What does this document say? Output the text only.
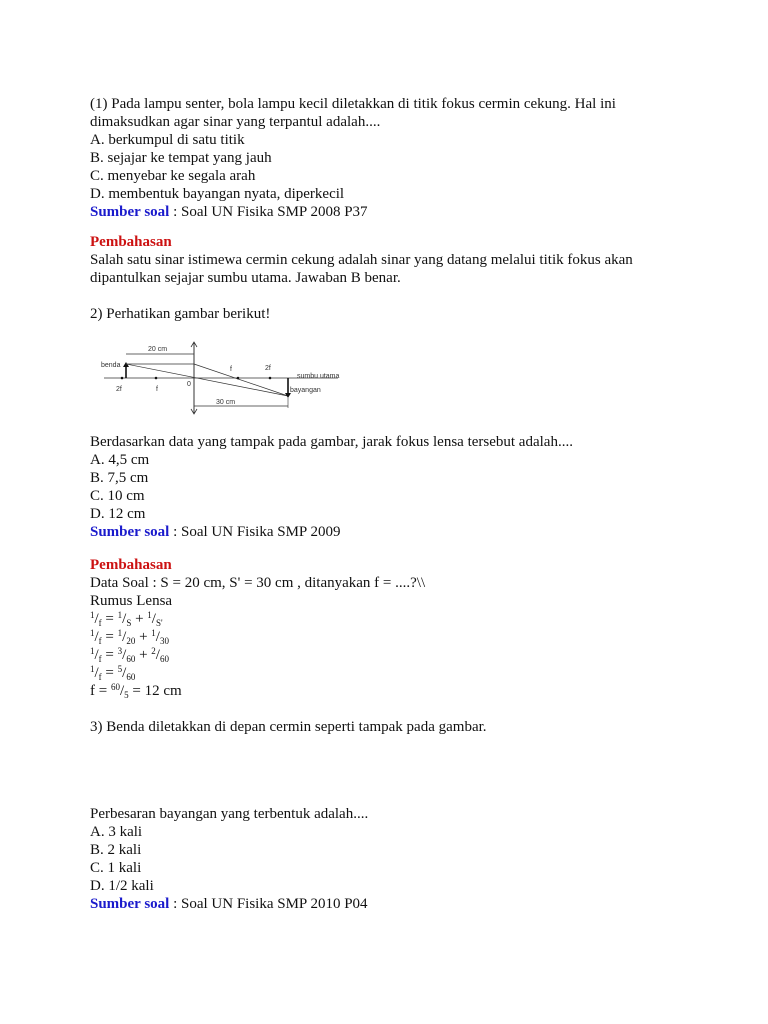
(1) Pada lampu senter, bola lampu kecil diletakkan di titik fokus cermin cekung. Hal ini dimaksudkan agar sinar yang terpantul adalah....
A. berkumpul di satu titik
B. sejajar ke tempat yang jauh
C. menyebar ke segala arah
D. membentuk bayangan nyata, diperkecil
Sumber soal : Soal UN Fisika SMP 2008 P37
Pembahasan
Salah satu sinar istimewa cermin cekung adalah sinar yang datang melalui titik fokus akan dipantulkan sejajar sumbu utama. Jawaban B benar.
2) Perhatikan gambar berikut!
20 cm
30 cm
benda
f	2f
sumbu utama
2f	f
0
bayangan
Berdasarkan data yang tampak pada gambar, jarak fokus lensa tersebut adalah....
A. 4,5 cm
B. 7,5 cm
C. 10 cm
D. 12 cm
Sumber soal : Soal UN Fisika SMP 2009
Pembahasan
Data Soal : S = 20 cm, S' = 30 cm , ditanyakan f = ....?\\
Rumus Lensa
$^1/_f = ^1/_S + ^1/_{S'}$
$^1/_f = ^1/_{20} + ^1/_{30}$
$^1/_f = ^3/_{60} + ^2/_{60}$
$^1/_f = ^5/_{60}$
$f = ^{60}/_5 = 12$ cm
3) Benda diletakkan di depan cermin seperti tampak pada gambar.
Perbesaran bayangan yang terbentuk adalah....
A. 3 kali
B. 2 kali
C. 1 kali
D. 1/2 kali
Sumber soal : Soal UN Fisika SMP 2010 P04
